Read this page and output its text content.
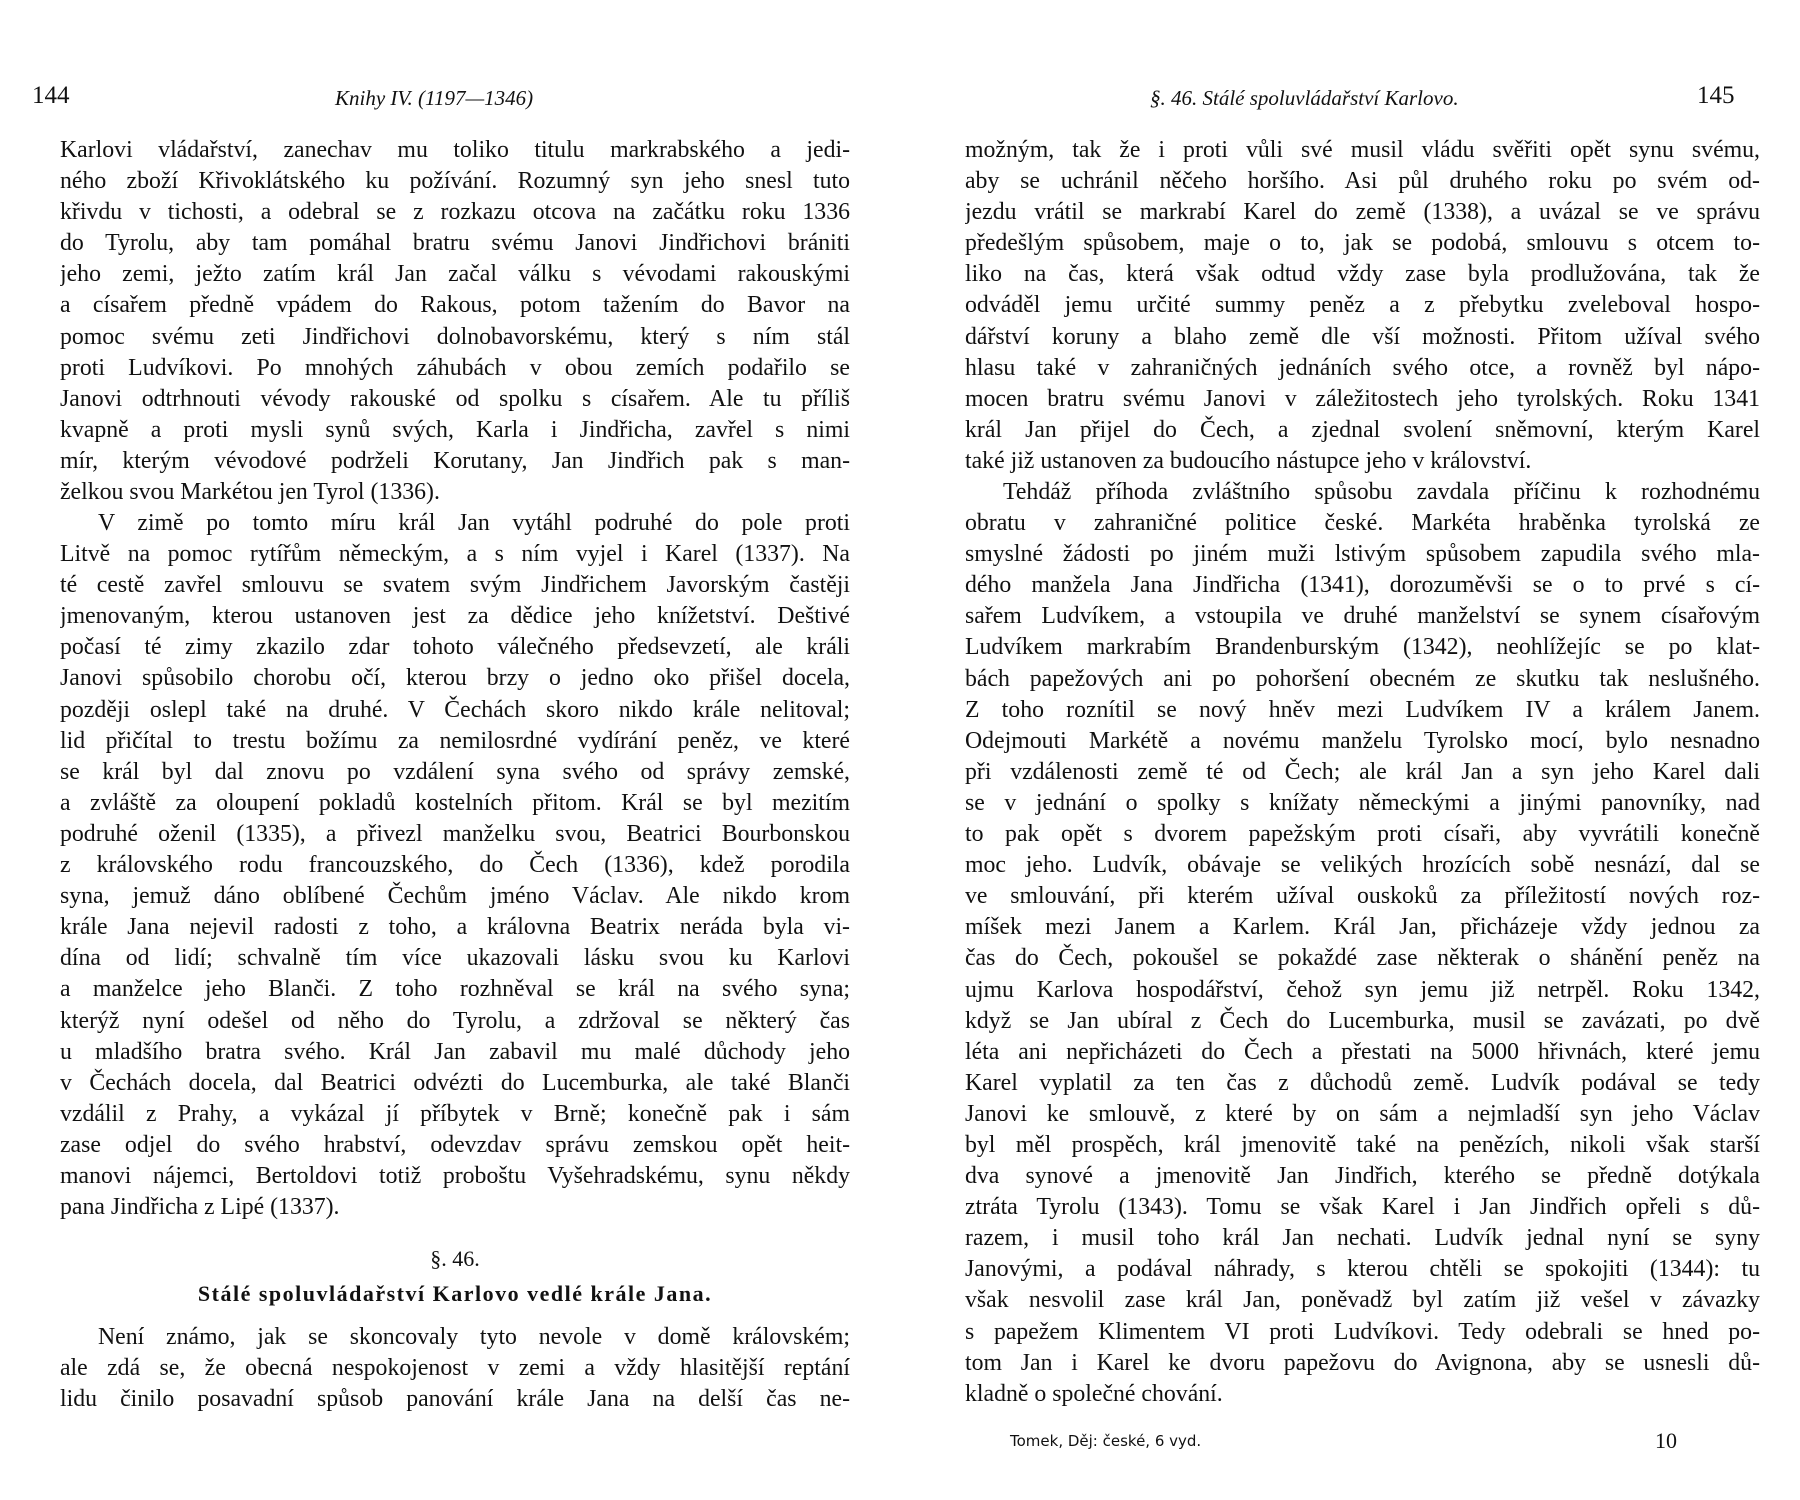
144	Knihy IV. (1197—1346)
Karlovi vládařství, zanechav mu toliko titulu markrabského a jedi-
ného zboží Křivoklátského ku požívání. Rozumný syn jeho snesl tuto
křivdu v tichosti, a odebral se z rozkazu otcova na začátku roku 1336
do Tyrolu, aby tam pomáhal bratru svému Janovi Jindřichovi brániti
jeho zemi, ježto zatím král Jan začal válku s vévodami rakouskými
a císařem předně vpádem do Rakous, potom tažením do Bavor na
pomoc svému zeti Jindřichovi dolnobavorskému, který s ním stál
proti Ludvíkovi. Po mnohých záhubách v obou zemích podařilo se
Janovi odtrhnouti vévody rakouské od spolku s císařem. Ale tu příliš
kvapně a proti mysli synů svých, Karla i Jindřicha, zavřel s nimi
mír, kterým vévodové podrželi Korutany, Jan Jindřich pak s man-
želkou svou Markétou jen Tyrol (1336).
V zimě po tomto míru král Jan vytáhl podruhé do pole proti
Litvě na pomoc rytířům německým, a s ním vyjel i Karel (1337). Na
té cestě zavřel smlouvu se svatem svým Jindřichem Javorským častěji
jmenovaným, kterou ustanoven jest za dědice jeho knížetství. Deštivé
počasí té zimy zkazilo zdar tohoto válečného předsevzetí, ale králi
Janovi spůsobilo chorobu očí, kterou brzy o jedno oko přišel docela,
později oslepl také na druhé. V Čechách skoro nikdo krále nelitoval;
lid přičítal to trestu božímu za nemilosrdné vydírání peněz, ve které
se král byl dal znovu po vzdálení syna svého od správy zemské,
a zvláště za oloupení pokladů kostelních přitom. Král se byl mezitím
podruhé oženil (1335), a přivezl manželku svou, Beatrici Bourbonskou
z královského rodu francouzského, do Čech (1336), kdež porodila
syna, jemuž dáno oblíbené Čechům jméno Václav. Ale nikdo krom
krále Jana nejevil radosti z toho, a královna Beatrix neráda byla vi-
dína od lidí; schvalně tím více ukazovali lásku svou ku Karlovi
a manželce jeho Blanči. Z toho rozhněval se král na svého syna;
kterýž nyní odešel od něho do Tyrolu, a zdržoval se některý čas
u mladšího bratra svého. Král Jan zabavil mu malé důchody jeho
v Čechách docela, dal Beatrici odvézti do Lucemburka, ale také Blanči
vzdálil z Prahy, a vykázal jí příbytek v Brně; konečně pak i sám
zase odjel do svého hrabství, odevzdav správu zemskou opět heit-
manovi nájemci, Bertoldovi totiž proboštu Vyšehradskému, synu někdy
pana Jindřicha z Lipé (1337).
§. 46.
Stálé spoluvládařství Karlovo vedlé krále Jana.
Není známo, jak se skoncovaly tyto nevole v domě královském;
ale zdá se, že obecná nespokojenost v zemi a vždy hlasitější reptání
lidu činilo posavadní spůsob panování krále Jana na delší čas ne-
§. 46. Stálé spoluvládařství Karlovo.	145
možným, tak že i proti vůli své musil vládu svěřiti opět synu svému,
aby se uchránil něčeho horšího. Asi půl druhého roku po svém od-
jezdu vrátil se markrabí Karel do země (1338), a uvázal se ve správu
předešlým spůsobem, maje o to, jak se podobá, smlouvu s otcem to-
liko na čas, která však odtud vždy zase byla prodlužována, tak že
odváděl jemu určité summy peněz a z přebytku zveleboval hospo-
dářství koruny a blaho země dle vší možnosti. Přitom užíval svého
hlasu také v zahraničných jednáních svého otce, a rovněž byl nápo-
mocen bratru svému Janovi v záležitostech jeho tyrolských. Roku 1341
král Jan přijel do Čech, a zjednal svolení sněmovní, kterým Karel
také již ustanoven za budoucího nástupce jeho v království.
Tehdáž příhoda zvláštního spůsobu zavdala příčinu k rozhodnému
obratu v zahraničné politice české. Markéta hraběnka tyrolská ze
smyslné žádosti po jiném muži lstivým spůsobem zapudila svého mla-
dého manžela Jana Jindřicha (1341), dorozuměvši se o to prvé s cí-
sařem Ludvíkem, a vstoupila ve druhé manželství se synem císařovým
Ludvíkem markrabím Brandenburským (1342), neohlížejíc se po klat-
bách papežových ani po pohoršení obecném ze skutku tak neslušného.
Z toho roznítil se nový hněv mezi Ludvíkem IV a králem Janem.
Odejmouti Markétě a novému manželu Tyrolsko mocí, bylo nesnadno
při vzdálenosti země té od Čech; ale král Jan a syn jeho Karel dali
se v jednání o spolky s knížaty německými a jinými panovníky, nad
to pak opět s dvorem papežským proti císaři, aby vyvrátili konečně
moc jeho. Ludvík, obávaje se velikých hrozících sobě nesnází, dal se
ve smlouvání, při kterém užíval ouskoků za příležitostí nových roz-
míšek mezi Janem a Karlem. Král Jan, přicházeje vždy jednou za
čas do Čech, pokoušel se pokaždé zase některak o shánění peněz na
ujmu Karlova hospodářství, čehož syn jemu již netrpěl. Roku 1342,
když se Jan ubíral z Čech do Lucemburka, musil se zavázati, po dvě
léta ani nepřicházeti do Čech a přestati na 5000 hřivnách, které jemu
Karel vyplatil za ten čas z důchodů země. Ludvík podával se tedy
Janovi ke smlouvě, z které by on sám a nejmladší syn jeho Václav
byl měl prospěch, král jmenovitě také na penězích, nikoli však starší
dva synové a jmenovitě Jan Jindřich, kterého se předně dotýkala
ztráta Tyrolu (1343). Tomu se však Karel i Jan Jindřich opřeli s dů-
razem, i musil toho král Jan nechati. Ludvík jednal nyní se syny
Janovými, a podával náhrady, s kterou chtěli se spokojiti (1344): tu
však nesvolil zase král Jan, poněvadž byl zatím již vešel v závazky
s papežem Klimentem VI proti Ludvíkovi. Tedy odebrali se hned po-
tom Jan i Karel ke dvoru papežovu do Avignona, aby se usnesli dů-
kladně o společné chování.
Tomek, Děj: české, 6 vyd.	10
